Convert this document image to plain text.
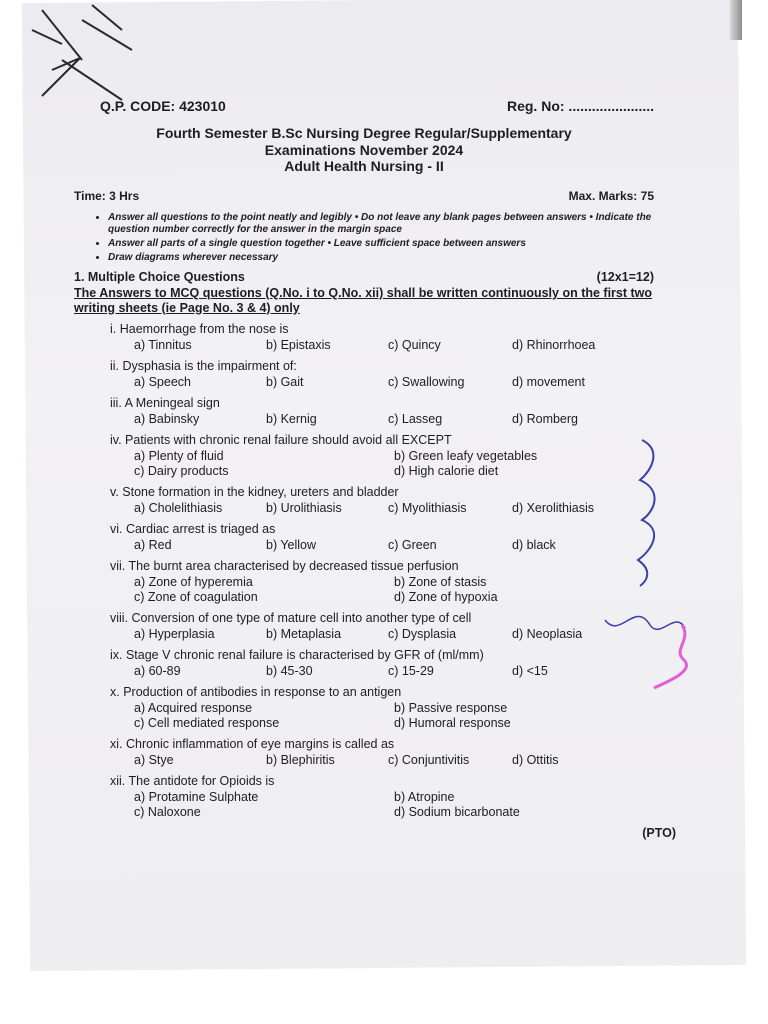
Q.P. CODE: 423010	Reg. No: ......................
Fourth Semester B.Sc Nursing Degree Regular/Supplementary
Examinations November 2024
Adult Health Nursing - II
Time: 3 Hrs	Max. Marks: 75
• Answer all questions to the point neatly and legibly • Do not leave any blank pages between answers • Indicate the question number correctly for the answer in the margin space
• Answer all parts of a single question together • Leave sufficient space between answers
• Draw diagrams wherever necessary
1. Multiple Choice Questions	(12x1=12)
The Answers to MCQ questions (Q.No. i to Q.No. xii) shall be written continuously on the first two writing sheets (ie Page No. 3 & 4) only
i. Haemorrhage from the nose is
a) Tinnitus	b) Epistaxis	c) Quincy	d) Rhinorrhoea
ii. Dysphasia is the impairment of:
a) Speech	b) Gait	c) Swallowing	d) movement
iii. A Meningeal sign
a) Babinsky	b) Kernig	c) Lasseg	d) Romberg
iv. Patients with chronic renal failure should avoid all EXCEPT
a) Plenty of fluid	b) Green leafy vegetables
c) Dairy products	d) High calorie diet
v. Stone formation in the kidney, ureters and bladder
a) Cholelithiasis	b) Urolithiasis	c) Myolithiasis	d) Xerolithiasis
vi. Cardiac arrest is triaged as
a) Red	b) Yellow	c) Green	d) black
vii. The burnt area characterised by decreased tissue perfusion
a) Zone of hyperemia	b) Zone of stasis
c) Zone of coagulation	d) Zone of hypoxia
viii. Conversion of one type of mature cell into another type of cell
a) Hyperplasia	b) Metaplasia	c) Dysplasia	d) Neoplasia
ix. Stage V chronic renal failure is characterised by GFR of (ml/mm)
a) 60-89	b) 45-30	c) 15-29	d) <15
x. Production of antibodies in response to an antigen
a) Acquired response	b) Passive response
c) Cell mediated response	d) Humoral response
xi. Chronic inflammation of eye margins is called as
a) Stye	b) Blephiritis	c) Conjuntivitis	d) Ottitis
xii. The antidote for Opioids is
a) Protamine Sulphate	b) Atropine
c) Naloxone	d) Sodium bicarbonate
(PTO)
